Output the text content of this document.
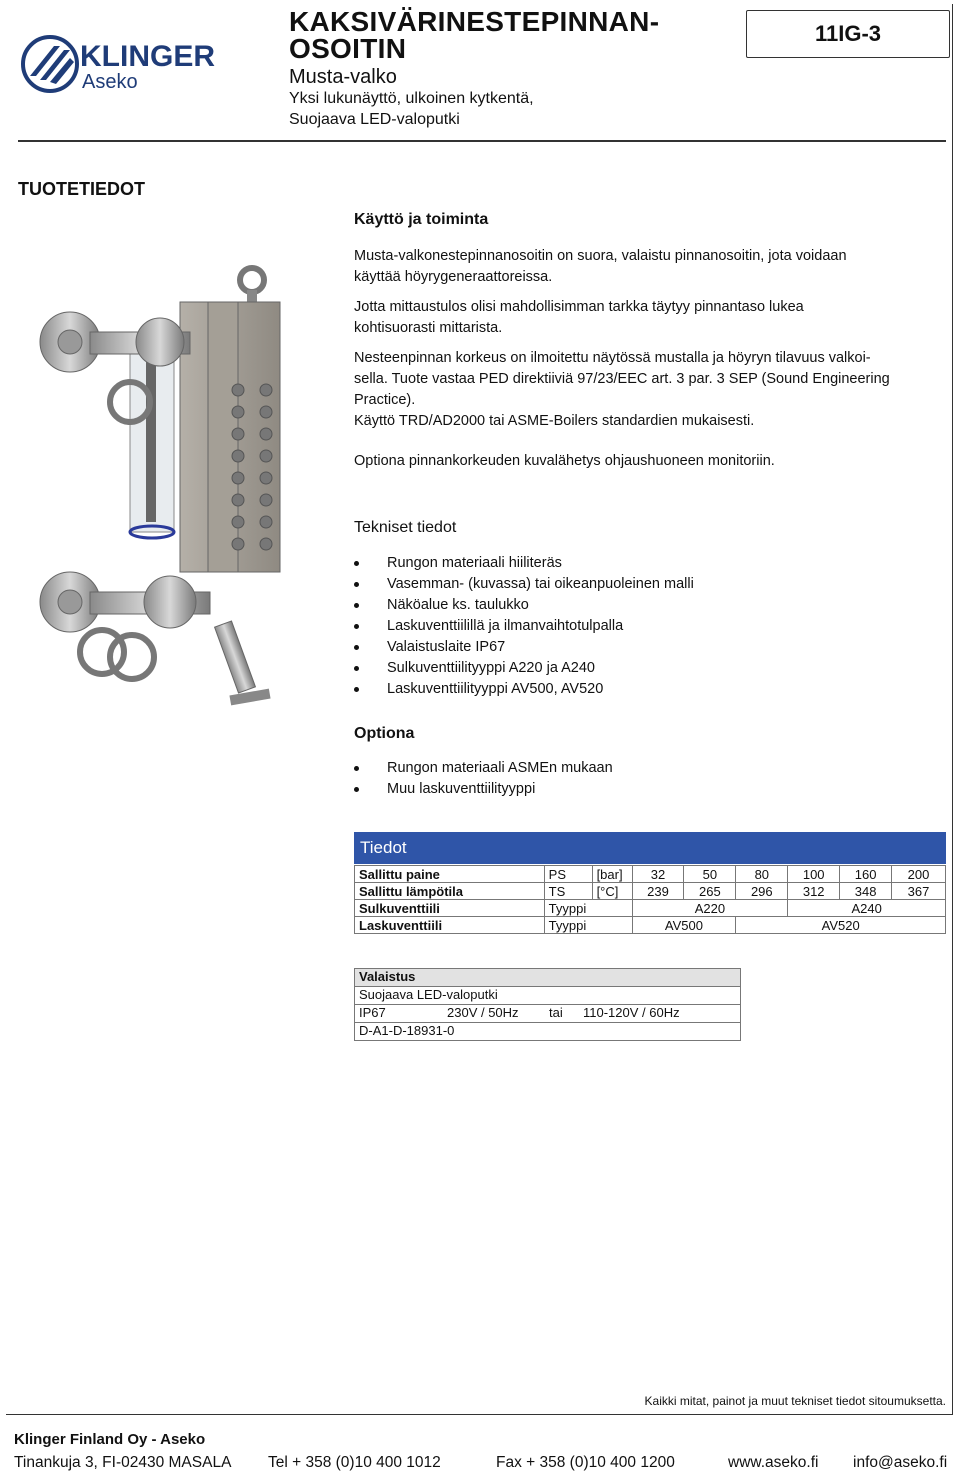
KLINGER
Aseko
KAKSIVÄRINESTEPINNAN-
OSOITIN
Musta-valko
Yksi lukunäyttö, ulkoinen kytkentä,
Suojaava LED-valoputki
11IG-3
TUOTETIEDOT
Käyttö ja toiminta
Musta-valkonestepinnanosoitin on suora, valaistu pinnanosoitin, jota voidaan
käyttää höyrygeneraattoreissa.
Jotta mittaustulos olisi mahdollisimman tarkka täytyy pinnantaso lukea
kohtisuorasti mittarista.
Nesteenpinnan korkeus on ilmoitettu näytössä mustalla ja höyryn tilavuus valkoi-
sella. Tuote vastaa PED direktiiviä 97/23/EEC art. 3 par. 3 SEP (Sound Engineering
Practice).
Käyttö TRD/AD2000 tai ASME-Boilers standardien mukaisesti.
Optiona pinnankorkeuden kuvalähetys ohjaushuoneen monitoriin.
Tekniset tiedot
Rungon materiaali hiiliteräs
Vasemman- (kuvassa) tai oikeanpuoleinen malli
Näköalue ks. taulukko
Laskuventtiilillä ja ilmanvaihtotulpalla
Valaistuslaite IP67
Sulkuventtiilityyppi A220 ja A240
Laskuventtiilityyppi AV500, AV520
Optiona
Rungon materiaali ASMEn mukaan
Muu laskuventtiilityyppi
Tiedot
Sallittu paine	PS	[bar]	32	50	80	100	160	200
Sallittu lämpötila	TS	[°C]	239	265	296	312	348	367
Sulkuventtiili	Tyyppi		A220			A240		
Laskuventtiili	Tyyppi		AV500		AV520			
Valaistus
Suojaava LED-valoputki
IP67	230V / 50Hz tai 110-120V / 60Hz
D-A1-D-18931-0
Kaikki mitat, painot ja muut tekniset tiedot sitoumuksetta.
Klinger Finland Oy - Aseko
Tinankuja 3, FI-02430 MASALA Tel + 358 (0)10 400 1012	Fax + 358 (0)10 400 1200	www.aseko.fi info@aseko.fi
